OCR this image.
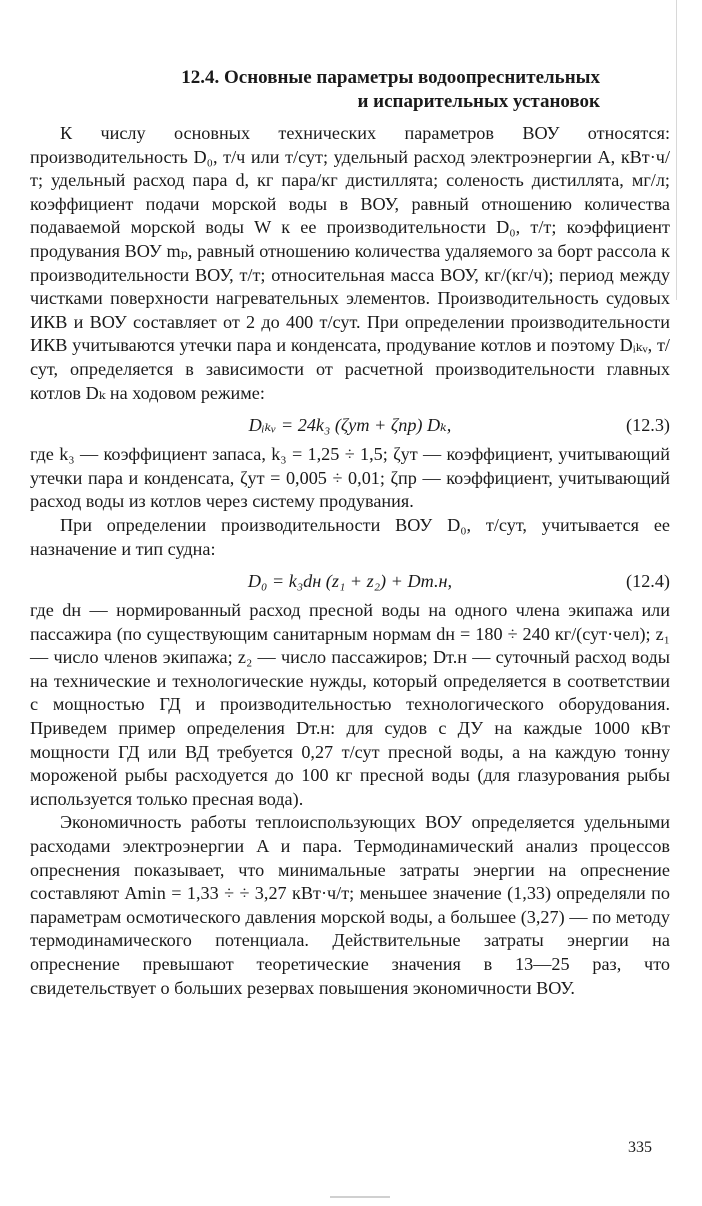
12.4. Основные параметры водоопреснительных
и испарительных установок

К числу основных технических параметров ВОУ относятся: производительность D₀, т/ч или т/сут; удельный расход электроэнергии A, кВт·ч/т; удельный расход пара d, кг пара/кг дистиллята; соленость дистиллята, мг/л; коэффициент подачи морской воды в ВОУ, равный отношению количества подаваемой морской воды W к ее производительности D₀, т/т; коэффициент продувания ВОУ mₚ, равный отношению количества удаляемого за борт рассола к производительности ВОУ, т/т; относительная масса ВОУ, кг/(кг/ч); период между чистками поверхности нагревательных элементов. Производительность судовых ИКВ и ВОУ составляет от 2 до 400 т/сут. При определении производительности ИКВ учитываются утечки пара и конденсата, продувание котлов и поэтому Dᵢₖᵥ, т/сут, определяется в зависимости от расчетной производительности главных котлов Dₖ на ходовом режиме:

Dᵢₖᵥ = 24k₃ (ζут + ζпр) Dₖ,	(12.3)

где k₃ — коэффициент запаса, k₃ = 1,25 ÷ 1,5; ζут — коэффициент, учитывающий утечки пара и конденсата, ζут = 0,005 ÷ 0,01; ζпр — коэффициент, учитывающий расход воды из котлов через систему продувания.

При определении производительности ВОУ D₀, т/сут, учитывается ее назначение и тип судна:

D₀ = k₃dн (z₁ + z₂) + Dт.н,	(12.4)

где dн — нормированный расход пресной воды на одного члена экипажа или пассажира (по существующим санитарным нормам dн = 180 ÷ 240 кг/(сут·чел); z₁ — число членов экипажа; z₂ — число пассажиров; Dт.н — суточный расход воды на технические и технологические нужды, который определяется в соответствии с мощностью ГД и производительностью технологического оборудования. Приведем пример определения Dт.н: для судов с ДУ на каждые 1000 кВт мощности ГД или ВД требуется 0,27 т/сут пресной воды, а на каждую тонну мороженой рыбы расходуется до 100 кг пресной воды (для глазурования рыбы используется только пресная вода).

Экономичность работы теплоиспользующих ВОУ определяется удельными расходами электроэнергии A и пара. Термодинамический анализ процессов опреснения показывает, что минимальные затраты энергии на опреснение составляют Amin = 1,33 ÷ ÷ 3,27 кВт·ч/т; меньшее значение (1,33) определяли по параметрам осмотического давления морской воды, а большее (3,27) — по методу термодинамического потенциала. Действительные затраты энергии на опреснение превышают теоретические значения в 13—25 раз, что свидетельствует о больших резервах повышения экономичности ВОУ.

335
